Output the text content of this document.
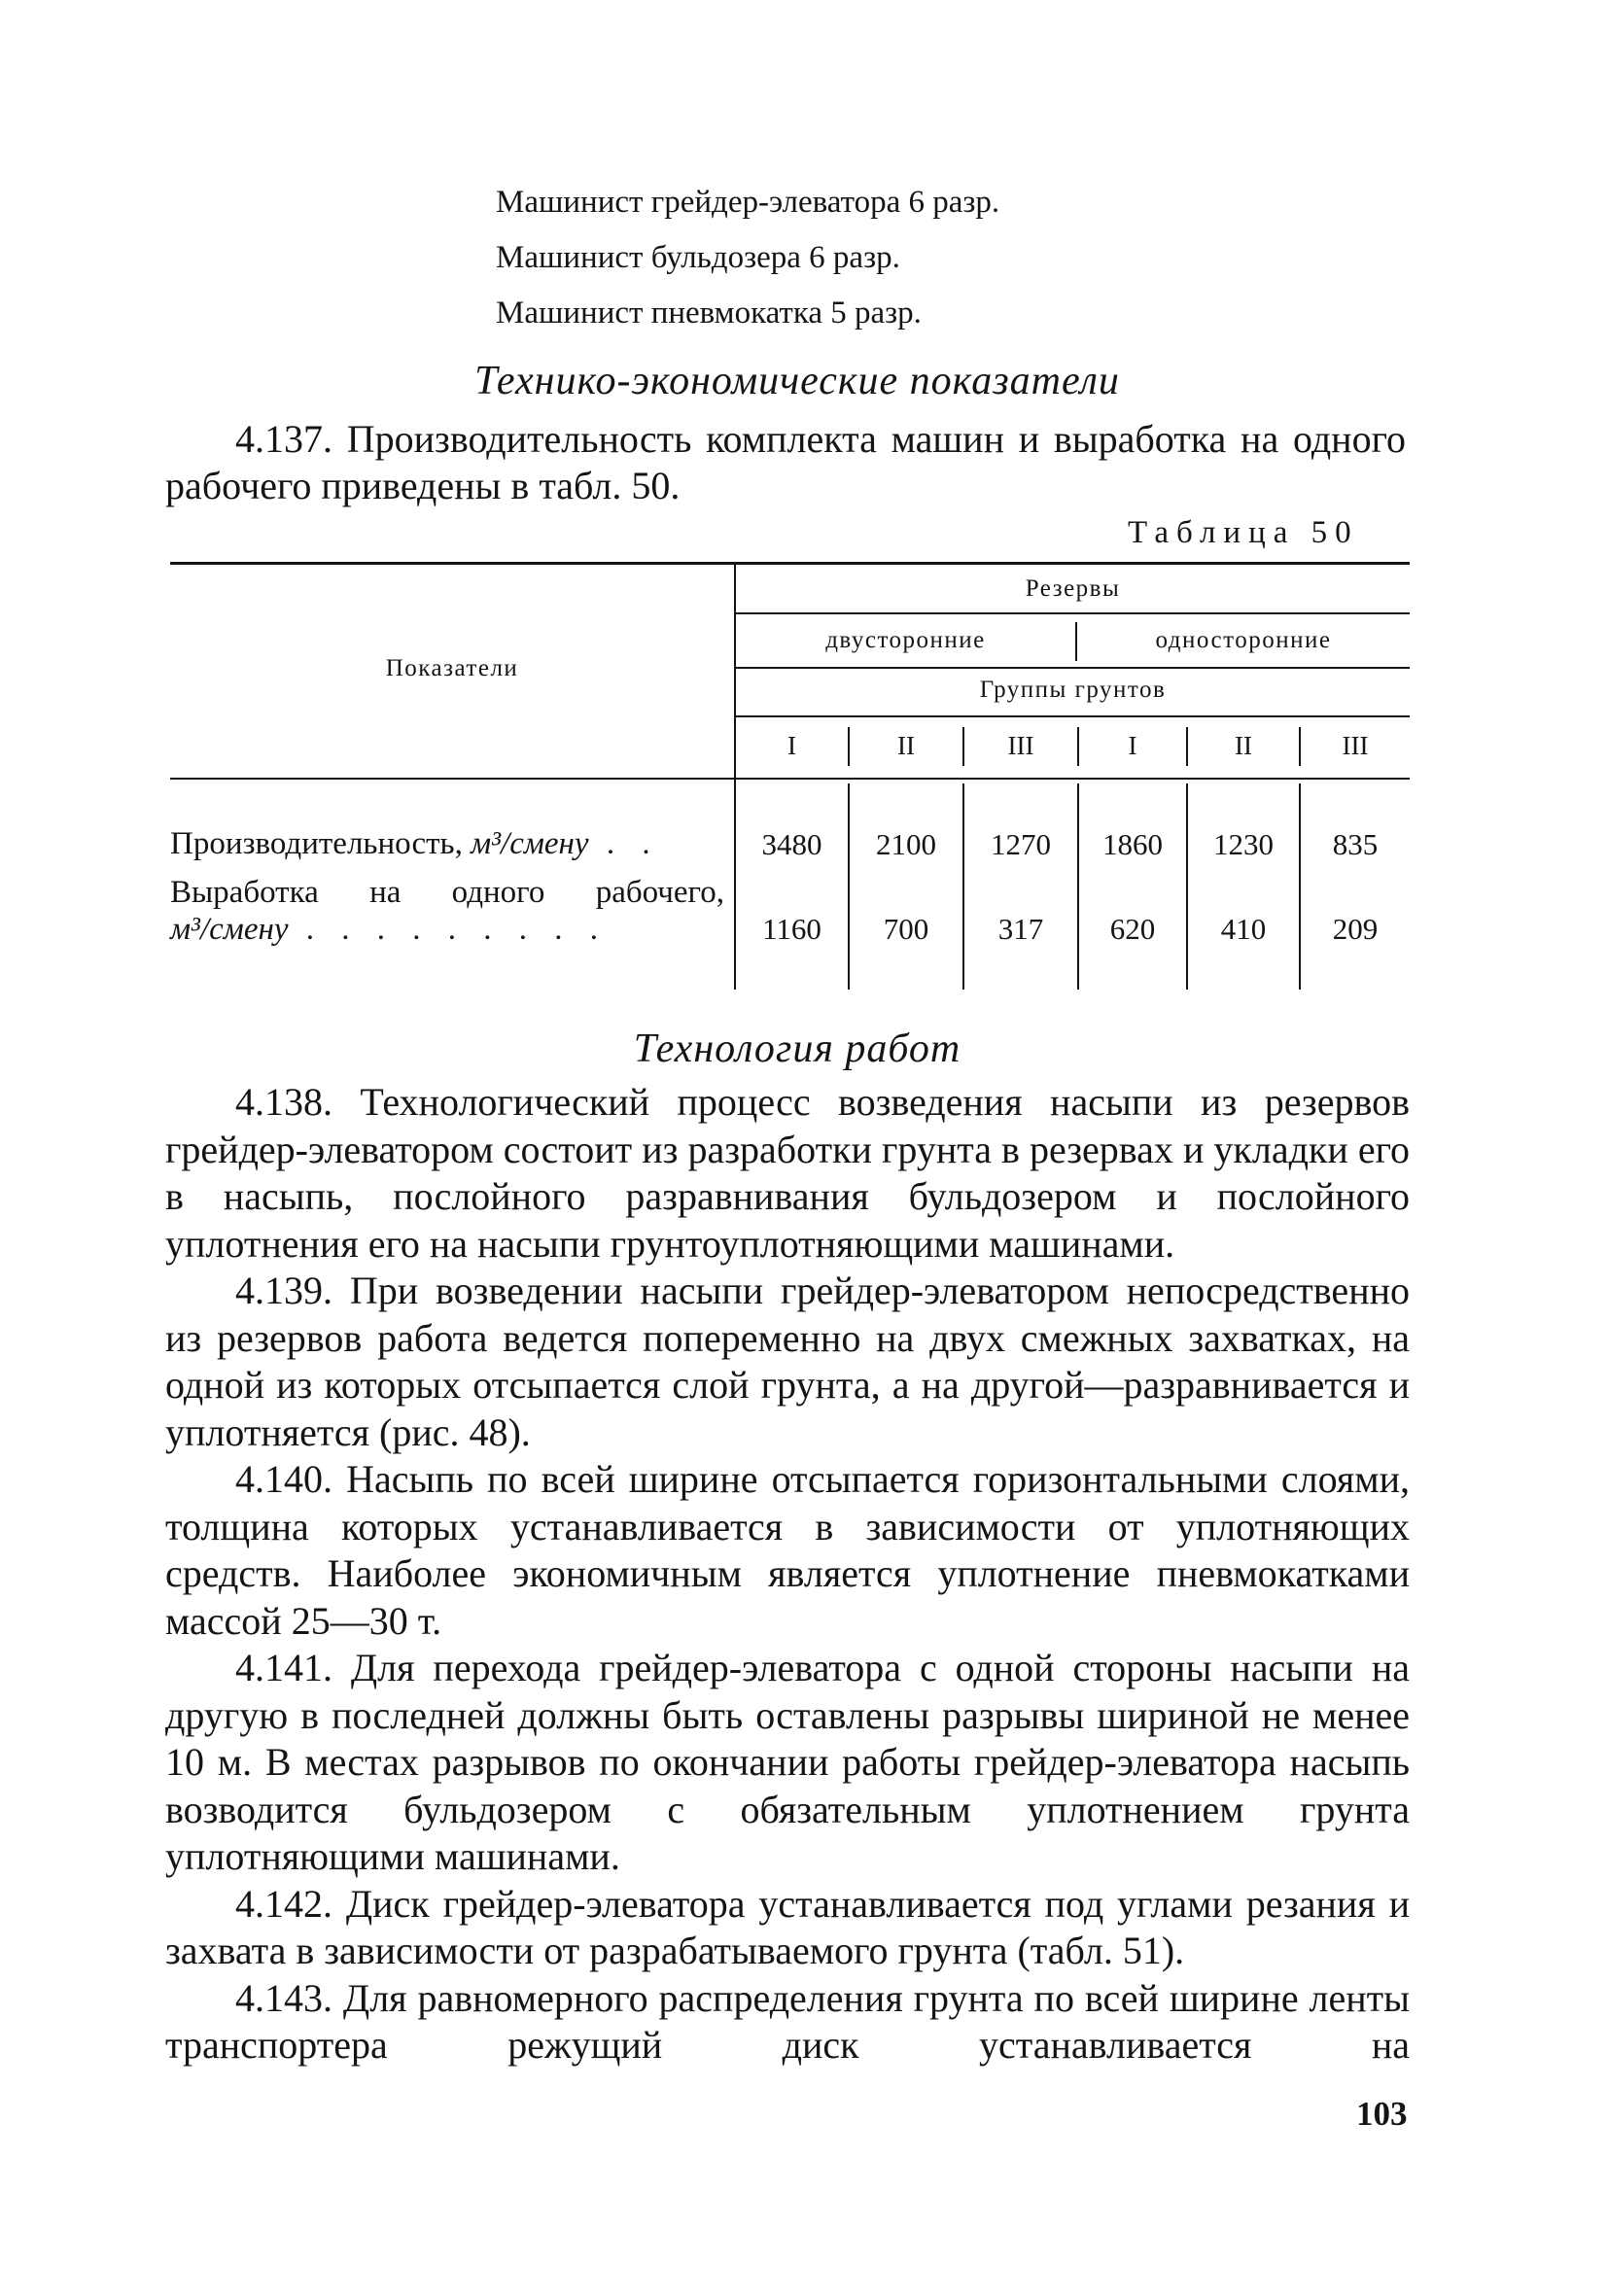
Машинист грейдер-элеватора 6 разр.
Машинист бульдозера 6 разр.
Машинист пневмокатка 5 разр.
Технико-экономические показатели

4.137. Производительность комплекта машин и выработка на одного рабочего приведены в табл. 50.

Таблица 50
Показатели
Резервы
двусторонние	односторонние
Группы грунтов
I	II	III	I	II	III
Производительность, м³/смену . .	3480	2100	1270	1860	1230	835
Выработка на одного рабочего,
м³/смену . . . . . . . . .	1160	700	317	620	410	209
Технология работ

4.138. Технологический процесс возведения насыпи из резервов грейдер-элеватором состоит из разработки грунта в резервах и укладки его в насыпь, послойного разравнивания бульдозером и послойного уплотнения его на насыпи грунтоуплотняющими машинами.

4.139. При возведении насыпи грейдер-элеватором непосредственно из резервов работа ведется попеременно на двух смежных захватках, на одной из которых отсыпается слой грунта, а на другой—разравнивается и уплотняется (рис. 48).

4.140. Насыпь по всей ширине отсыпается горизонтальными слоями, толщина которых устанавливается в зависимости от уплотняющих средств. Наиболее экономичным является уплотнение пневмокатками массой 25—30 т.

4.141. Для перехода грейдер-элеватора с одной стороны насыпи на другую в последней должны быть оставлены разрывы шириной не менее 10 м. В местах разрывов по окончании работы грейдер-элеватора насыпь возводится бульдозером с обязательным уплотнением грунта уплотняющими машинами.

4.142. Диск грейдер-элеватора устанавливается под углами резания и захвата в зависимости от разрабатываемого грунта (табл. 51).

4.143. Для равномерного распределения грунта по всей ширине ленты транспортера режущий диск устанавливается на

103
